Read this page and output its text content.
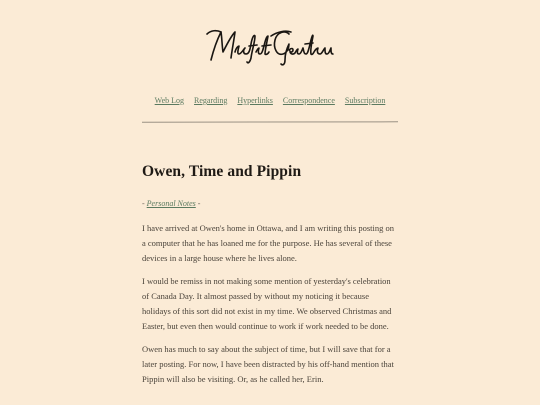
Web Log Regarding Hyperlinks Correspondence Subscription
Owen, Time and Pippin
- Personal Notes -

I have arrived at Owen's home in Ottawa, and I am writing this posting on a computer that he has loaned me for the purpose. He has several of these devices in a large house where he lives alone.

I would be remiss in not making some mention of yesterday's celebration of Canada Day. It almost passed by without my noticing it because holidays of this sort did not exist in my time. We observed Christmas and Easter, but even then would continue to work if work needed to be done.

Owen has much to say about the subject of time, but I will save that for a later posting. For now, I have been distracted by his off-hand mention that Pippin will also be visiting. Or, as he called her, Erin.
